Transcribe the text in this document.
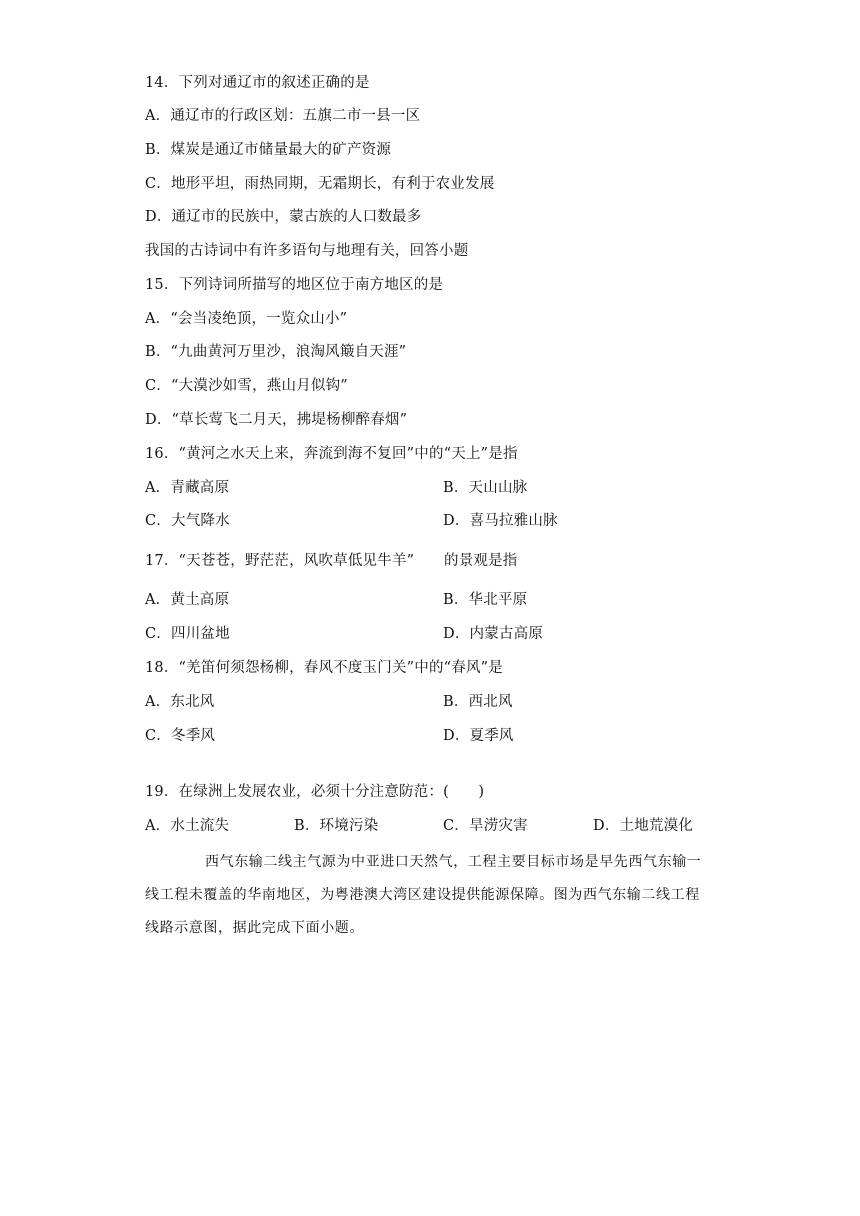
14．下列对通辽市的叙述正确的是
A．通辽市的行政区划：五旗二市一县一区
B．煤炭是通辽市储量最大的矿产资源
C．地形平坦，雨热同期，无霜期长，有利于农业发展
D．通辽市的民族中，蒙古族的人口数最多
我国的古诗词中有许多语句与地理有关，回答小题
15．下列诗词所描写的地区位于南方地区的是
A．“会当凌绝顶，一览众山小”
B．“九曲黄河万里沙，浪淘风簸自天涯”
C．“大漠沙如雪，燕山月似钩”
D．“草长莺飞二月天，拂堤杨柳醉春烟”
16．“黄河之水天上来，奔流到海不复回”中的“天上”是指
A．青藏高原	B．天山山脉
C．大气降水	D．喜马拉雅山脉
17．“天苍苍，野茫茫，风吹草低见牛羊” 的景观是指
A．黄土高原	B．华北平原
C．四川盆地	D．内蒙古高原
18．“羌笛何须怨杨柳，春风不度玉门关”中的“春风”是
A．东北风	B．西北风
C．冬季风	D．夏季风
19．在绿洲上发展农业，必须十分注意防范：(　　)
A．水土流失	B．环境污染	C．旱涝灾害	D．土地荒漠化
西气东输二线主气源为中亚进口天然气，工程主要目标市场是早先西气东输一
线工程未覆盖的华南地区，为粤港澳大湾区建设提供能源保障。图为西气东输二线工程
线路示意图，据此完成下面小题。
